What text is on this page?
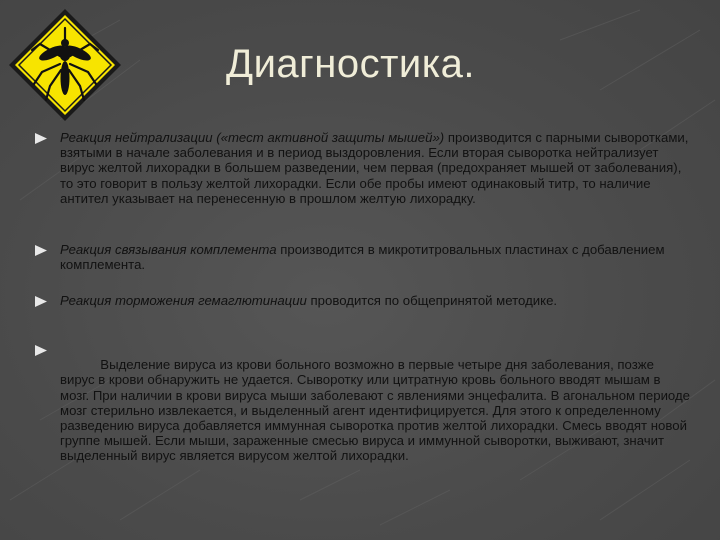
Диагностика.
Реакция нейтрализации («тест активной защиты мышей») производится с парными сыворотками, взятыми в начале заболевания и в период выздоровления. Если вторая сыворотка нейтрализует вирус желтой лихорадки в большем разведении, чем первая (предохраняет мышей от заболевания), то это говорит в пользу желтой лихорадки. Если обе пробы имеют одинаковый титр, то наличие антител указывает на перенесенную в прошлом желтую лихорадку.
Реакция связывания комплемента производится в микротитровальных пластинах с добавлением комплемента.
Реакция торможения гемаглютинации проводится по общепринятой методике.

Выделение вируса из крови больного возможно в первые четыре дня заболевания, позже вирус в крови обнаружить не удается. Сыворотку или цитратную кровь больного вводят мышам в мозг. При наличии в крови вируса мыши заболевают с явлениями энцефалита. В агональном периоде мозг стерильно извлекается, и выделенный агент идентифицируется. Для этого к определенному разведению вируса добавляется иммунная сыворотка против желтой лихорадки. Смесь вводят новой группе мышей. Если мыши, зараженные смесью вируса и иммунной сыворотки, выживают, значит выделенный вирус является вирусом желтой лихорадки.
